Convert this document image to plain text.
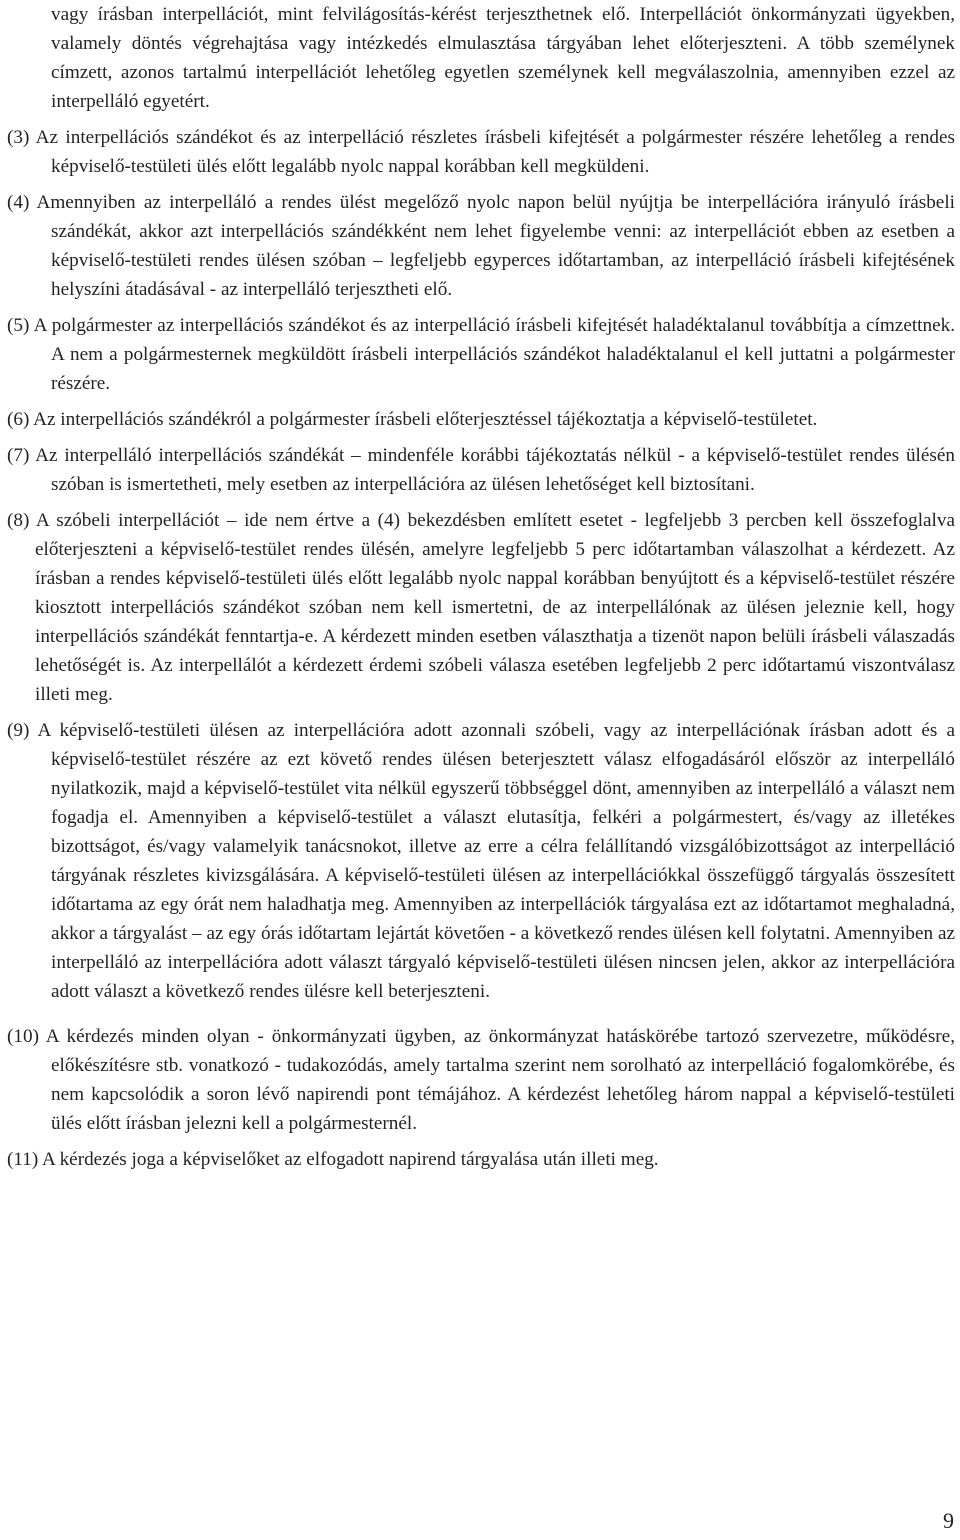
vagy írásban interpellációt, mint felvilágosítás-kérést terjeszthetnek elő. Interpellációt önkormányzati ügyekben, valamely döntés végrehajtása vagy intézkedés elmulasztása tárgyában lehet előterjeszteni. A több személynek címzett, azonos tartalmú interpellációt lehetőleg egyetlen személynek kell megválaszolnia, amennyiben ezzel az interpelláló egyetért.

(3) Az interpellációs szándékot és az interpelláció részletes írásbeli kifejtését a polgármester részére lehetőleg a rendes képviselő-testületi ülés előtt legalább nyolc nappal korábban kell megküldeni.

(4) Amennyiben az interpelláló a rendes ülést megelőző nyolc napon belül nyújtja be interpellációra irányuló írásbeli szándékát, akkor azt interpellációs szándékként nem lehet figyelembe venni: az interpellációt ebben az esetben a képviselő-testületi rendes ülésen szóban – legfeljebb egyperces időtartamban, az interpelláció írásbeli kifejtésének helyszíni átadásával - az interpelláló terjesztheti elő.

(5) A polgármester az interpellációs szándékot és az interpelláció írásbeli kifejtését haladéktalanul továbbítja a címzettnek. A nem a polgármesternek megküldött írásbeli interpellációs szándékot haladéktalanul el kell juttatni a polgármester részére.

(6) Az interpellációs szándékról a polgármester írásbeli előterjesztéssel tájékoztatja a képviselő-testületet.

(7) Az interpelláló interpellációs szándékát – mindenféle korábbi tájékoztatás nélkül - a képviselő-testület rendes ülésén szóban is ismertetheti, mely esetben az interpellációra az ülésen lehetőséget kell biztosítani.

(8) A szóbeli interpellációt – ide nem értve a (4) bekezdésben említett esetet - legfeljebb 3 percben kell összefoglalva előterjeszteni a képviselő-testület rendes ülésén, amelyre legfeljebb 5 perc időtartamban válaszolhat a kérdezett. Az írásban a rendes képviselő-testületi ülés előtt legalább nyolc nappal korábban benyújtott és a képviselő-testület részére kiosztott interpellációs szándékot szóban nem kell ismertetni, de az interpellálónak az ülésen jeleznie kell, hogy interpellációs szándékát fenntartja-e. A kérdezett minden esetben választhatja a tizenöt napon belüli írásbeli válaszadás lehetőségét is. Az interpellálót a kérdezett érdemi szóbeli válasza esetében legfeljebb 2 perc időtartamú viszontválasz illeti meg.

(9) A képviselő-testületi ülésen az interpellációra adott azonnali szóbeli, vagy az interpellációnak írásban adott és a képviselő-testület részére az ezt követő rendes ülésen beterjesztett válasz elfogadásáról először az interpelláló nyilatkozik, majd a képviselő-testület vita nélkül egyszerű többséggel dönt, amennyiben az interpelláló a választ nem fogadja el. Amennyiben a képviselő-testület a választ elutasítja, felkéri a polgármestert, és/vagy az illetékes bizottságot, és/vagy valamelyik tanácsnokot, illetve az erre a célra felállítandó vizsgálóbizottságot az interpelláció tárgyának részletes kivizsgálására. A képviselő-testületi ülésen az interpellációkkal összefüggő tárgyalás összesített időtartama az egy órát nem haladhatja meg. Amennyiben az interpellációk tárgyalása ezt az időtartamot meghaladná, akkor a tárgyalást – az egy órás időtartam lejártát követően - a következő rendes ülésen kell folytatni. Amennyiben az interpelláló az interpellációra adott választ tárgyaló képviselő-testületi ülésen nincsen jelen, akkor az interpellációra adott választ a következő rendes ülésre kell beterjeszteni.

(10) A kérdezés minden olyan - önkormányzati ügyben, az önkormányzat hatáskörébe tartozó szervezetre, működésre, előkészítésre stb. vonatkozó - tudakozódás, amely tartalma szerint nem sorolható az interpelláció fogalomkörébe, és nem kapcsolódik a soron lévő napirendi pont témájához. A kérdezést lehetőleg három nappal a képviselő-testületi ülés előtt írásban jelezni kell a polgármesternél.

(11) A kérdezés joga a képviselőket az elfogadott napirend tárgyalása után illeti meg.

9
